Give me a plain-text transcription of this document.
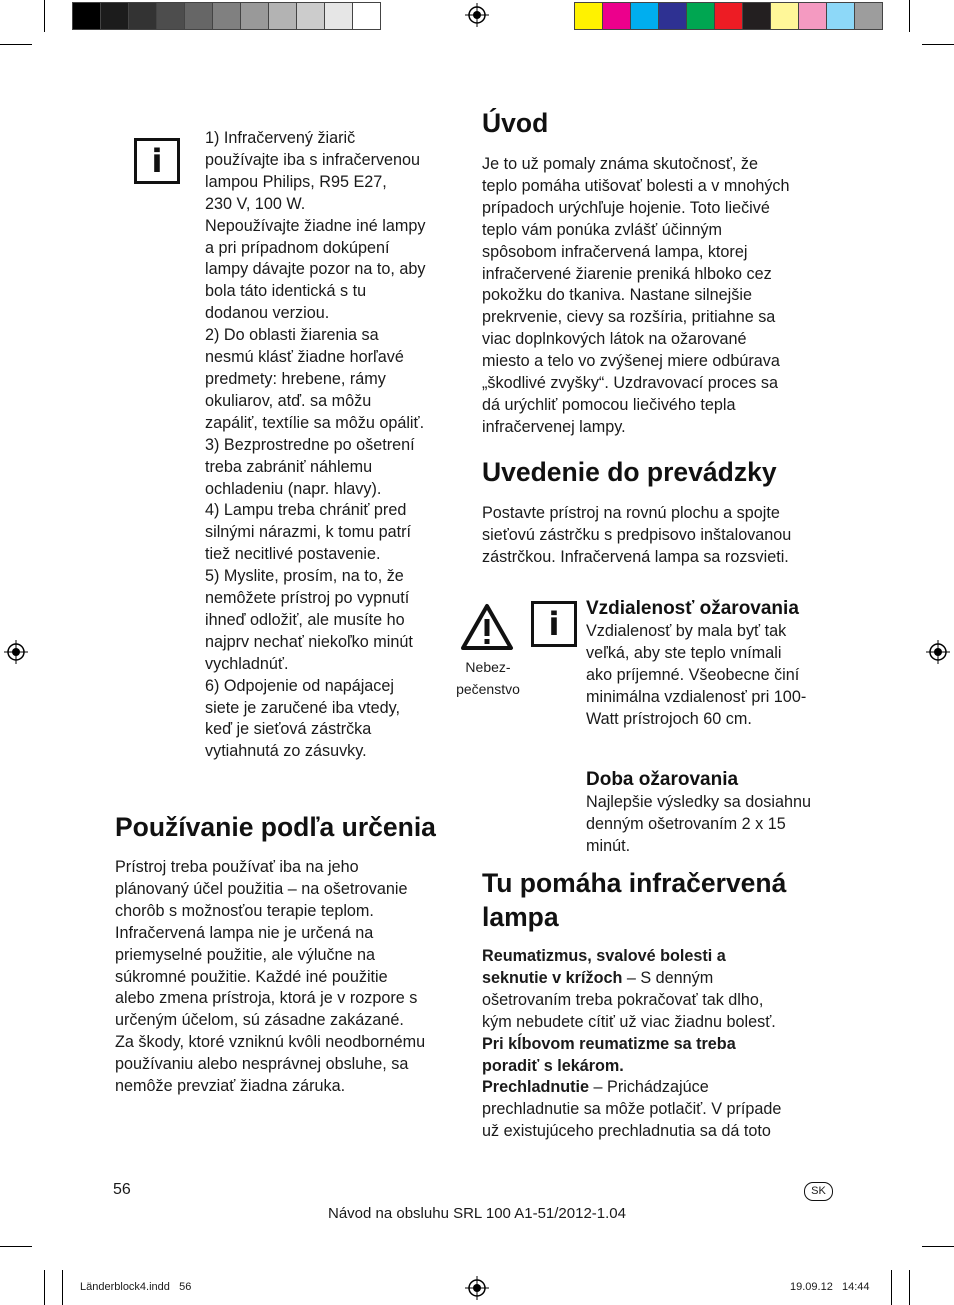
i
1) Infračervený žiarič
používajte iba s infračervenou
lampou Philips, R95 E27,
230 V, 100 W.
Nepoužívajte žiadne iné lampy
a pri prípadnom dokúpení
lampy dávajte pozor na to, aby
bola táto identická s tu
dodanou verziou.
2) Do oblasti žiarenia sa
nesmú klásť žiadne horľavé
predmety: hrebene, rámy
okuliarov, atď. sa môžu
zapáliť, textílie sa môžu opáliť.
3) Bezprostredne po ošetrení
treba zabrániť náhlemu
ochladeniu (napr. hlavy).
4) Lampu treba chrániť pred
silnými nárazmi, k tomu patrí
tiež necitlivé postavenie.
5) Myslite, prosím, na to, že
nemôžete prístroj po vypnutí
ihneď odložiť, ale musíte ho
najprv nechať niekoľko minút
vychladnúť.
6) Odpojenie od napájacej
siete je zaručené iba vtedy,
keď je sieťová zástrčka
vytiahnutá zo zásuvky.
Používanie podľa určenia
Prístroj treba používať iba na jeho
plánovaný účel použitia – na ošetrovanie
chorôb s možnosťou terapie teplom.
Infračervená lampa nie je určená na
priemyselné použitie, ale výlučne na
súkromné použitie. Každé iné použitie
alebo zmena prístroja, ktorá je v rozpore s
určeným účelom, sú zásadne zakázané.
Za škody, ktoré vzniknú kvôli neodbornému
používaniu alebo nesprávnej obsluhe, sa
nemôže prevziať žiadna záruka.
Úvod
Je to už pomaly známa skutočnosť, že
teplo pomáha utišovať bolesti a v mnohých
prípadoch urýchľuje hojenie. Toto liečivé
teplo vám ponúka zvlášť účinným
spôsobom infračervená lampa, ktorej
infračervené žiarenie preniká hlboko cez
pokožku do tkaniva. Nastane silnejšie
prekrvenie, cievy sa rozšíria, pritiahne sa
viac doplnkových látok na ožarované
miesto a telo vo zvýšenej miere odbúrava
„škodlivé zvyšky“. Uzdravovací proces sa
dá urýchliť pomocou liečivého tepla
infračervenej lampy.
Uvedenie do prevádzky
Postavte prístroj na rovnú plochu a spojte
sieťovú zástrčku s predpisovo inštalovanou
zástrčkou. Infračervená lampa sa rozsvieti.
Nebez-
pečenstvo
i	Vzdialenosť ožarovania
Vzdialenosť by mala byť tak
veľká, aby ste teplo vnímali
ako príjemné. Všeobecne činí
minimálna vzdialenosť pri 100-
Watt prístrojoch 60 cm.
Doba ožarovania
Najlepšie výsledky sa dosiahnu
denným ošetrovaním 2 x 15
minút.
Tu pomáha infračervená
lampa
Reumatizmus, svalové bolesti a
seknutie v krížoch – S denným
ošetrovaním treba pokračovať tak dlho,
kým nebudete cítiť už viac žiadnu bolesť.
Pri kĺbovom reumatizme sa treba
poradiť s lekárom.
Prechladnutie – Prichádzajúce
prechladnutie sa môže potlačiť. V prípade
už existujúceho prechladnutia sa dá toto
56	SK
Návod na obsluhu SRL 100 A1-51/2012-1.04
Länderblock4.indd   56	19.09.12   14:44
